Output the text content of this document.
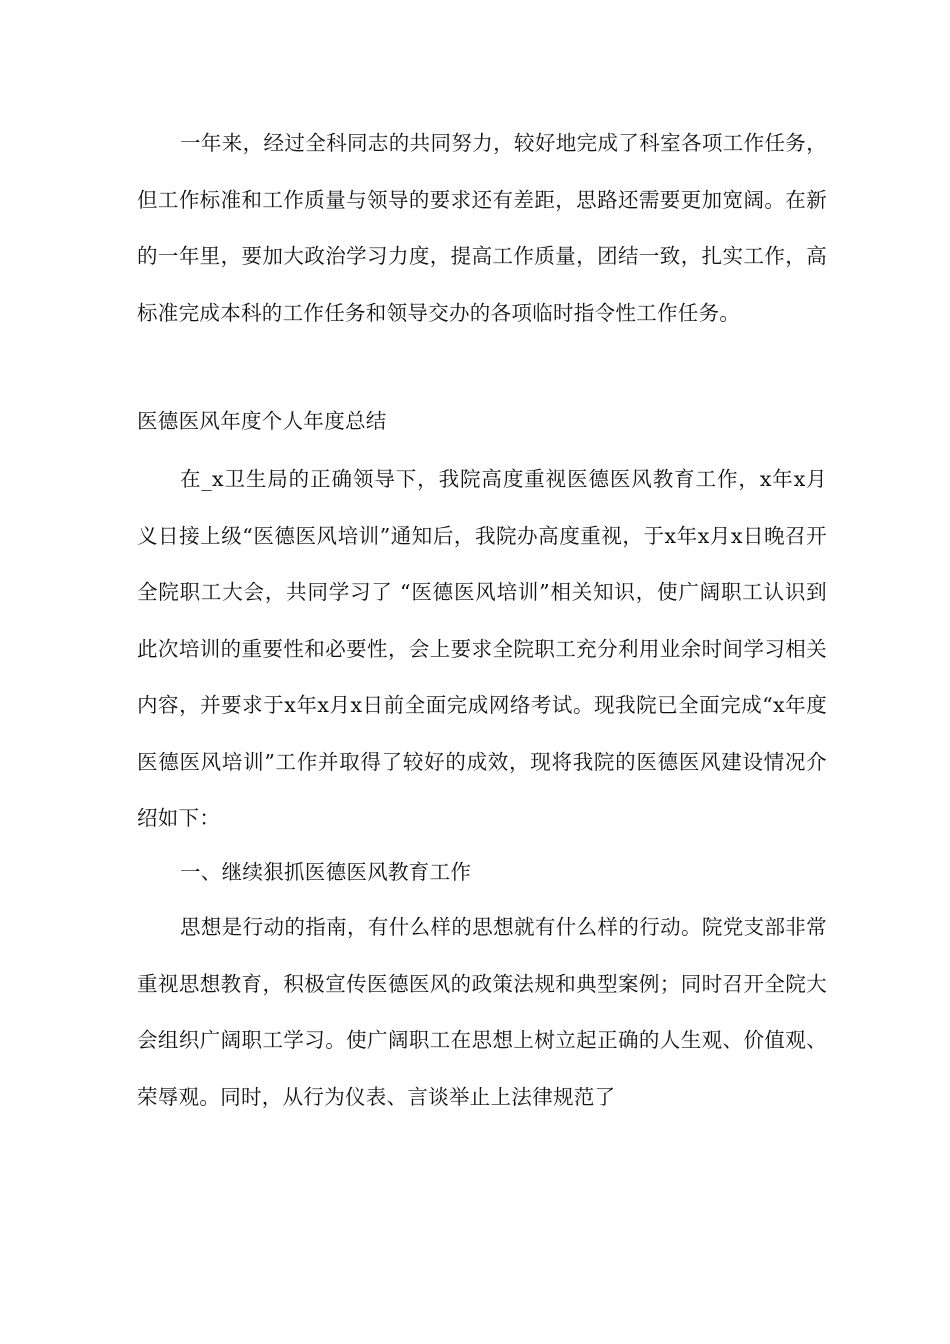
一年来，经过全科同志的共同努力，较好地完成了科室各项工作任务，但工作标准和工作质量与领导的要求还有差距，思路还需要更加宽阔。在新的一年里，要加大政治学习力度，提高工作质量，团结一致，扎实工作，高标准完成本科的工作任务和领导交办的各项临时指令性工作任务。

医德医风年度个人年度总结

在_x卫生局的正确领导下，我院高度重视医德医风教育工作，x年x月义日接上级“医德医风培训”通知后，我院办高度重视，于x年x月x日晚召开全院职工大会，共同学习了 “医德医风培训”相关知识，使广阔职工认识到此次培训的重要性和必要性，会上要求全院职工充分利用业余时间学习相关内容，并要求于x年x月x日前全面完成网络考试。现我院已全面完成“x年度医德医风培训”工作并取得了较好的成效，现将我院的医德医风建设情况介绍如下：

一、继续狠抓医德医风教育工作

思想是行动的指南，有什么样的思想就有什么样的行动。院党支部非常重视思想教育，积极宣传医德医风的政策法规和典型案例；同时召开全院大会组织广阔职工学习。使广阔职工在思想上树立起正确的人生观、价值观、荣辱观。同时，从行为仪表、言谈举止上法律规范了
